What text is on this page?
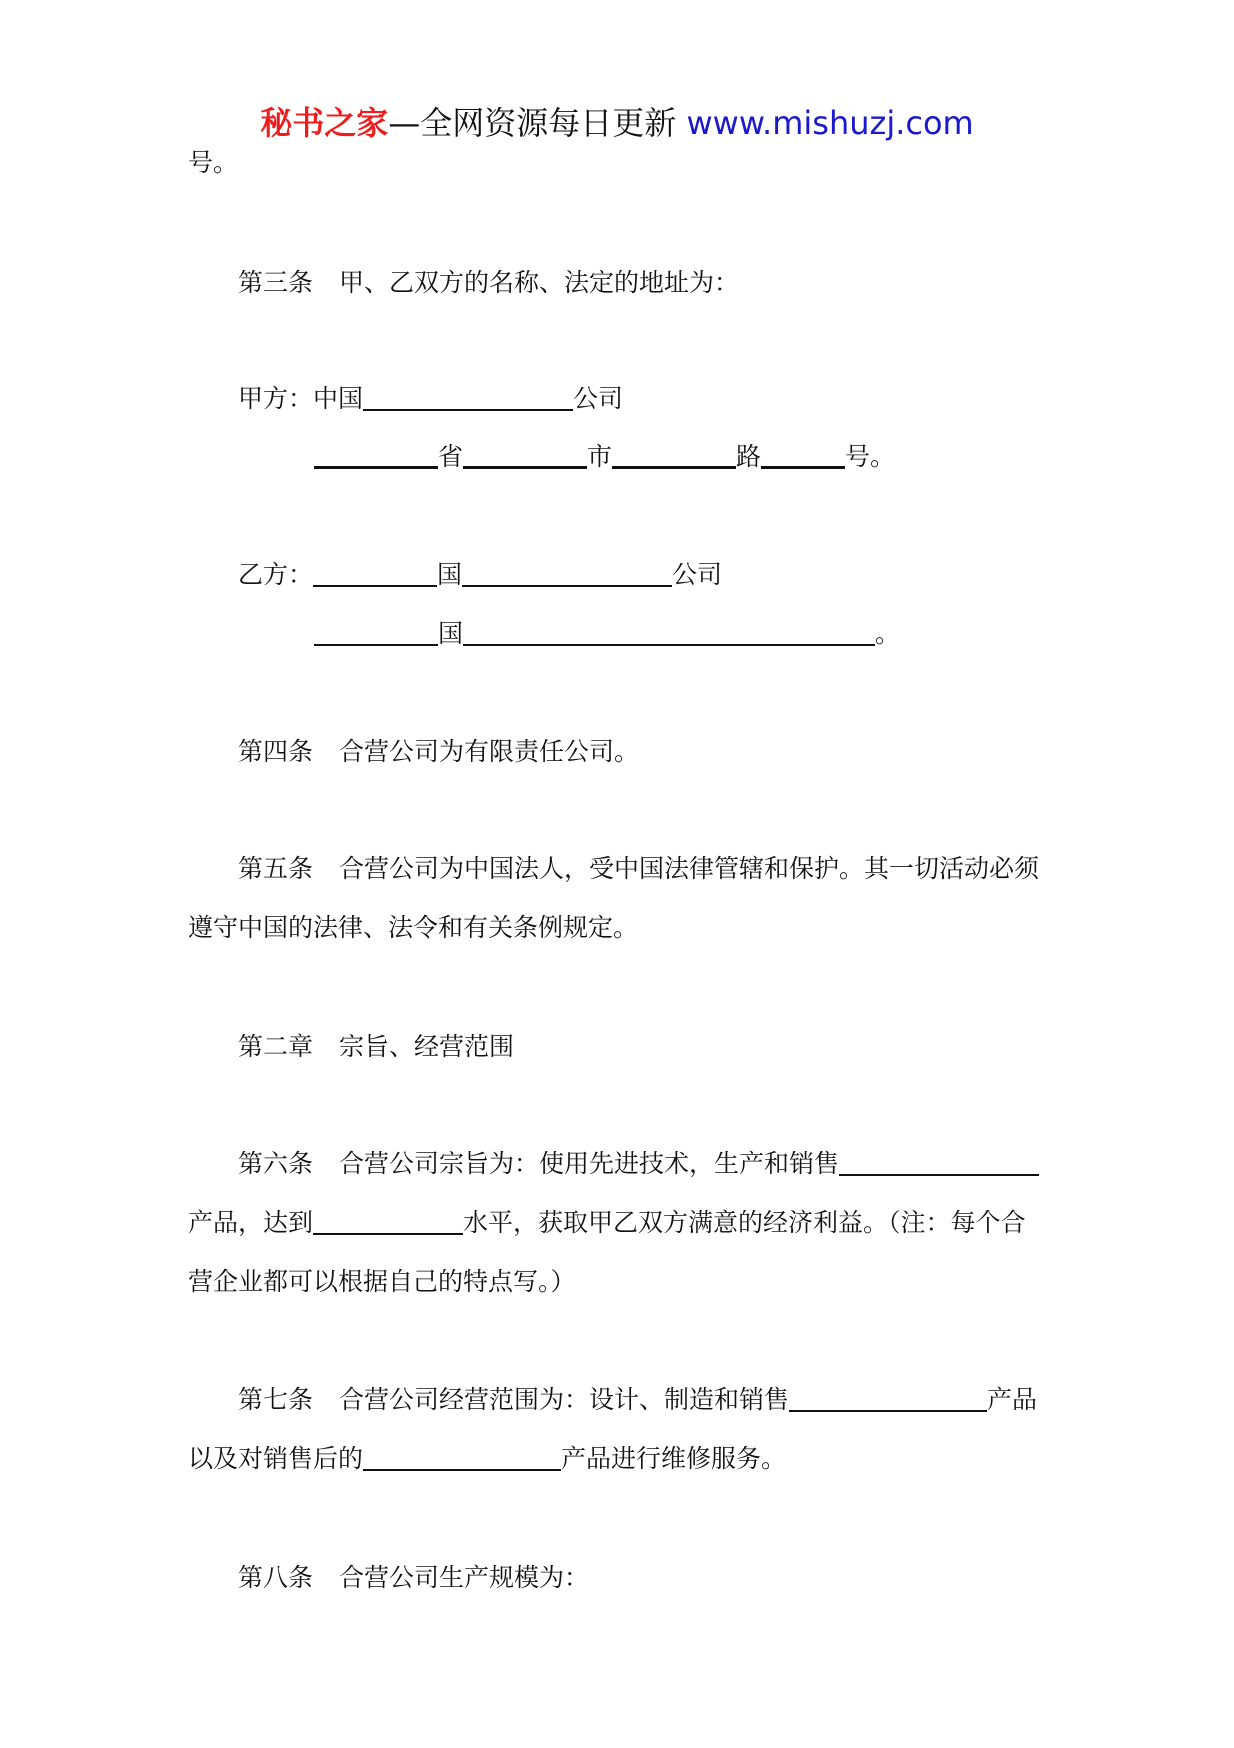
秘书之家—全网资源每日更新 www.mishuzj.com
号。
第三条 甲、乙双方的名称、法定的地址为：
甲方：中国	公司
省	市	路	号。
乙方：	国	公司
国	。
第四条 合营公司为有限责任公司。
第五条 合营公司为中国法人，受中国法律管辖和保护。其一切活动必须
遵守中国的法律、法令和有关条例规定。
第二章 宗旨、经营范围
第六条 合营公司宗旨为：使用先进技术，生产和销售
产品，达到	水平，获取甲乙双方满意的经济利益。（注：每个合
营企业都可以根据自己的特点写。）
第七条 合营公司经营范围为：设计、制造和销售	产品
以及对销售后的	产品进行维修服务。
第八条 合营公司生产规模为：
